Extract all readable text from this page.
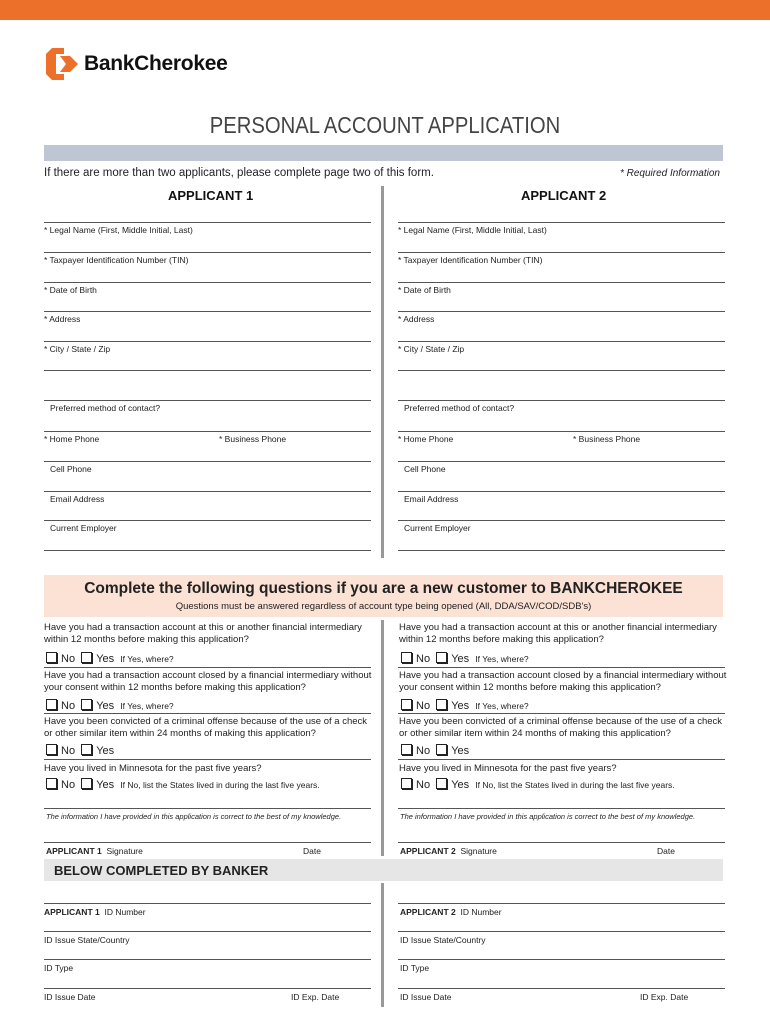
BankCherokee
PERSONAL ACCOUNT APPLICATION
If there are more than two applicants, please complete page two of this form.	* Required Information
APPLICANT 1	APPLICANT 2
* Legal Name (First, Middle Initial, Last)
* Taxpayer Identification Number (TIN)
* Date of Birth
* Address
* City / State / Zip
Preferred method of contact?
* Home Phone	* Business Phone
Cell Phone
Email Address
Current Employer
* Legal Name (First, Middle Initial, Last)
* Taxpayer Identification Number (TIN)
* Date of Birth
* Address
* City / State / Zip
Preferred method of contact?
* Home Phone	* Business Phone
Cell Phone
Email Address
Current Employer
Complete the following questions if you are a new customer to BANKCHEROKEE
Questions must be answered regardless of account type being opened (All, DDA/SAV/COD/SDB's)
Have you had a transaction account at this or another financial intermediary within 12 months before making this application?
No Yes If Yes, where?
Have you had a transaction account closed by a financial intermediary without your consent within 12 months before making this application?
No Yes If Yes, where?
Have you been convicted of a criminal offense because of the use of a check or other similar item within 24 months of making this application?
No Yes
Have you lived in Minnesota for the past five years?
No Yes If No, list the States lived in during the last five years.
The information I have provided in this application is correct to the best of my knowledge.
APPLICANT 1 Signature	Date
Have you had a transaction account at this or another financial intermediary within 12 months before making this application?
No Yes If Yes, where?
Have you had a transaction account closed by a financial intermediary without your consent within 12 months before making this application?
No Yes If Yes, where?
Have you been convicted of a criminal offense because of the use of a check or other similar item within 24 months of making this application?
No Yes
Have you lived in Minnesota for the past five years?
No Yes If No, list the States lived in during the last five years.
The information I have provided in this application is correct to the best of my knowledge.
APPLICANT 2 Signature	Date
BELOW COMPLETED BY BANKER
APPLICANT 1 ID Number
ID Issue State/Country
ID Type
ID Issue Date	ID Exp. Date
APPLICANT 2 ID Number
ID Issue State/Country
ID Type
ID Issue Date	ID Exp. Date
